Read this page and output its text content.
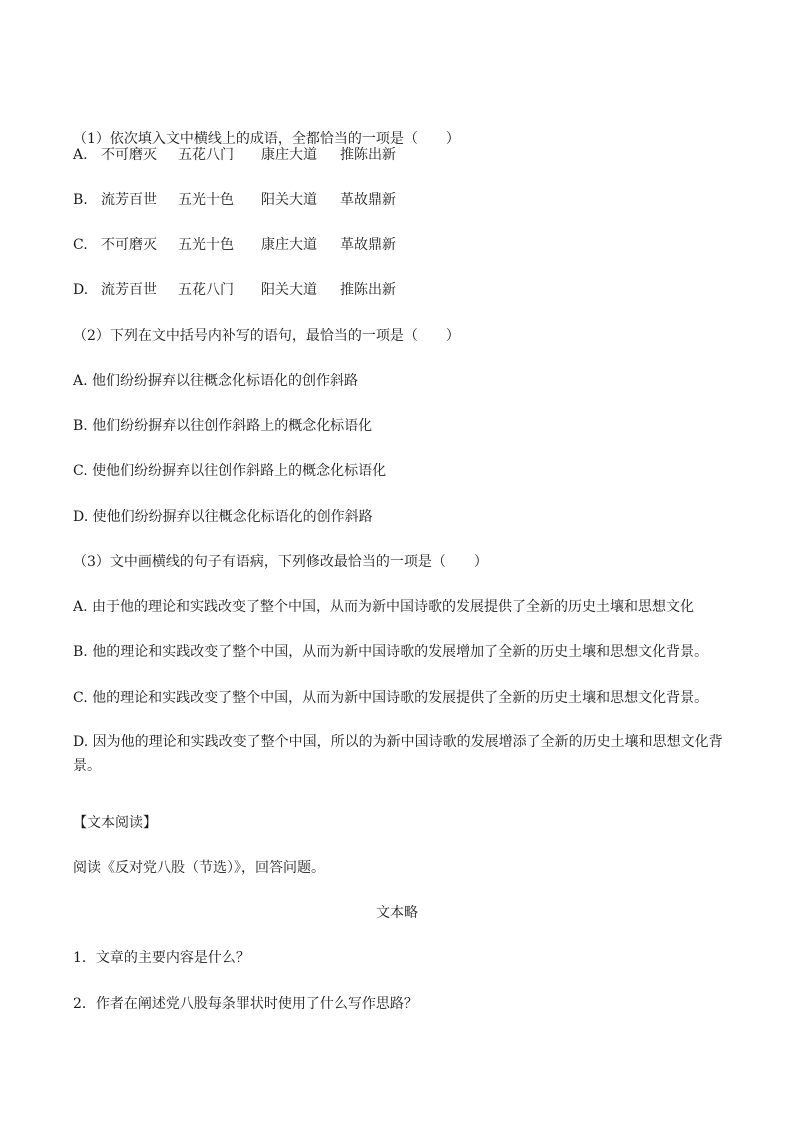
（1）依次填入文中横线上的成语，全都恰当的一项是（　　）
A. 不可磨灭 五花八门 康庄大道 推陈出新
B. 流芳百世 五光十色 阳关大道 革故鼎新
C. 不可磨灭 五光十色 康庄大道 革故鼎新
D. 流芳百世 五花八门 阳关大道 推陈出新
（2）下列在文中括号内补写的语句，最恰当的一项是（　　）
A. 他们纷纷摒弃以往概念化标语化的创作斜路
B. 他们纷纷摒弃以往创作斜路上的概念化标语化
C. 使他们纷纷摒弃以往创作斜路上的概念化标语化
D. 使他们纷纷摒弃以往概念化标语化的创作斜路
（3）文中画横线的句子有语病，下列修改最恰当的一项是（　　）
A. 由于他的理论和实践改变了整个中国，从而为新中国诗歌的发展提供了全新的历史土壤和思想文化
B. 他的理论和实践改变了整个中国，从而为新中国诗歌的发展增加了全新的历史土壤和思想文化背景。
C. 他的理论和实践改变了整个中国，从而为新中国诗歌的发展提供了全新的历史土壤和思想文化背景。
D. 因为他的理论和实践改变了整个中国，所以的为新中国诗歌的发展增添了全新的历史土壤和思想文化背景。
【文本阅读】
阅读《反对党八股（节选）》，回答问题。
文本略
1．文章的主要内容是什么？
2．作者在阐述党八股每条罪状时使用了什么写作思路？
